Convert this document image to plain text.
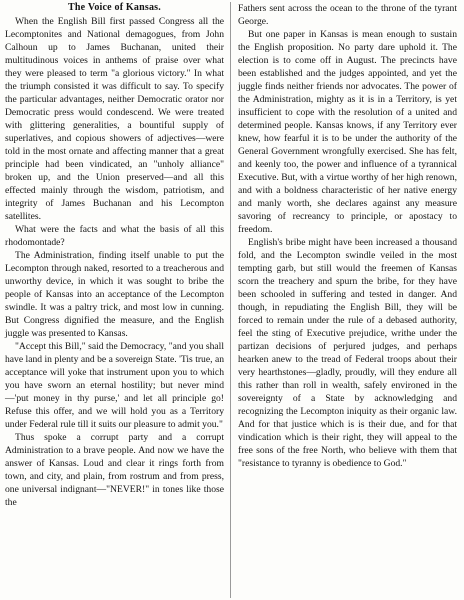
The Voice of Kansas.

When the English Bill first passed Congress all the Lecomptonites and National demagogues, from John Calhoun up to James Buchanan, united their multitudinous voices in anthems of praise over what they were pleased to term "a glorious victory." In what the triumph consisted it was difficult to say. To specify the particular advantages, neither Democratic orator nor Democratic press would condescend. We were treated with glittering generalities, a bountiful supply of superlatives, and copious showers of adjectives—were told in the most ornate and affecting manner that a great principle had been vindicated, an "unholy alliance" broken up, and the Union preserved—and all this effected mainly through the wisdom, patriotism, and integrity of James Buchanan and his Lecompton satellites.

What were the facts and what the basis of all this rhodomontade?

The Administration, finding itself unable to put the Lecompton through naked, resorted to a treacherous and unworthy device, in which it was sought to bribe the people of Kansas into an acceptance of the Lecompton swindle. It was a paltry trick, and most low in cunning. But Congress dignified the measure, and the English juggle was presented to Kansas.

"Accept this Bill," said the Democracy, "and you shall have land in plenty and be a sovereign State. 'Tis true, an acceptance will yoke that instrument upon you to which you have sworn an eternal hostility; but never mind—'put money in thy purse,' and let all principle go! Refuse this offer, and we will hold you as a Territory under Federal rule till it suits our pleasure to admit you."

Thus spoke a corrupt party and a corrupt Administration to a brave people. And now we have the answer of Kansas. Loud and clear it rings forth from town, and city, and plain, from rostrum and from press, one universal indignant—"NEVER!" in tones like those the

Fathers sent across the ocean to the throne of the tyrant George.

But one paper in Kansas is mean enough to sustain the English proposition. No party dare uphold it. The election is to come off in August. The precincts have been established and the judges appointed, and yet the juggle finds neither friends nor advocates. The power of the Administration, mighty as it is in a Territory, is yet insufficient to cope with the resolution of a united and determined people. Kansas knows, if any Territory ever knew, how fearful it is to be under the authority of the General Government wrongfully exercised. She has felt, and keenly too, the power and influence of a tyrannical Executive. But, with a virtue worthy of her high renown, and with a boldness characteristic of her native energy and manly worth, she declares against any measure savoring of recreancy to principle, or apostacy to freedom.

English's bribe might have been increased a thousand fold, and the Lecompton swindle veiled in the most tempting garb, but still would the freemen of Kansas scorn the treachery and spurn the bribe, for they have been schooled in suffering and tested in danger. And though, in repudiating the English Bill, they will be forced to remain under the rule of a debased authority, feel the sting of Executive prejudice, writhe under the partizan decisions of perjured judges, and perhaps hearken anew to the tread of Federal troops about their very hearthstones—gladly, proudly, will they endure all this rather than roll in wealth, safely environed in the sovereignty of a State by acknowledging and recognizing the Lecompton iniquity as their organic law. And for that justice which is is their due, and for that vindication which is their right, they will appeal to the free sons of the free North, who believe with them that "resistance to tyranny is obedience to God."
